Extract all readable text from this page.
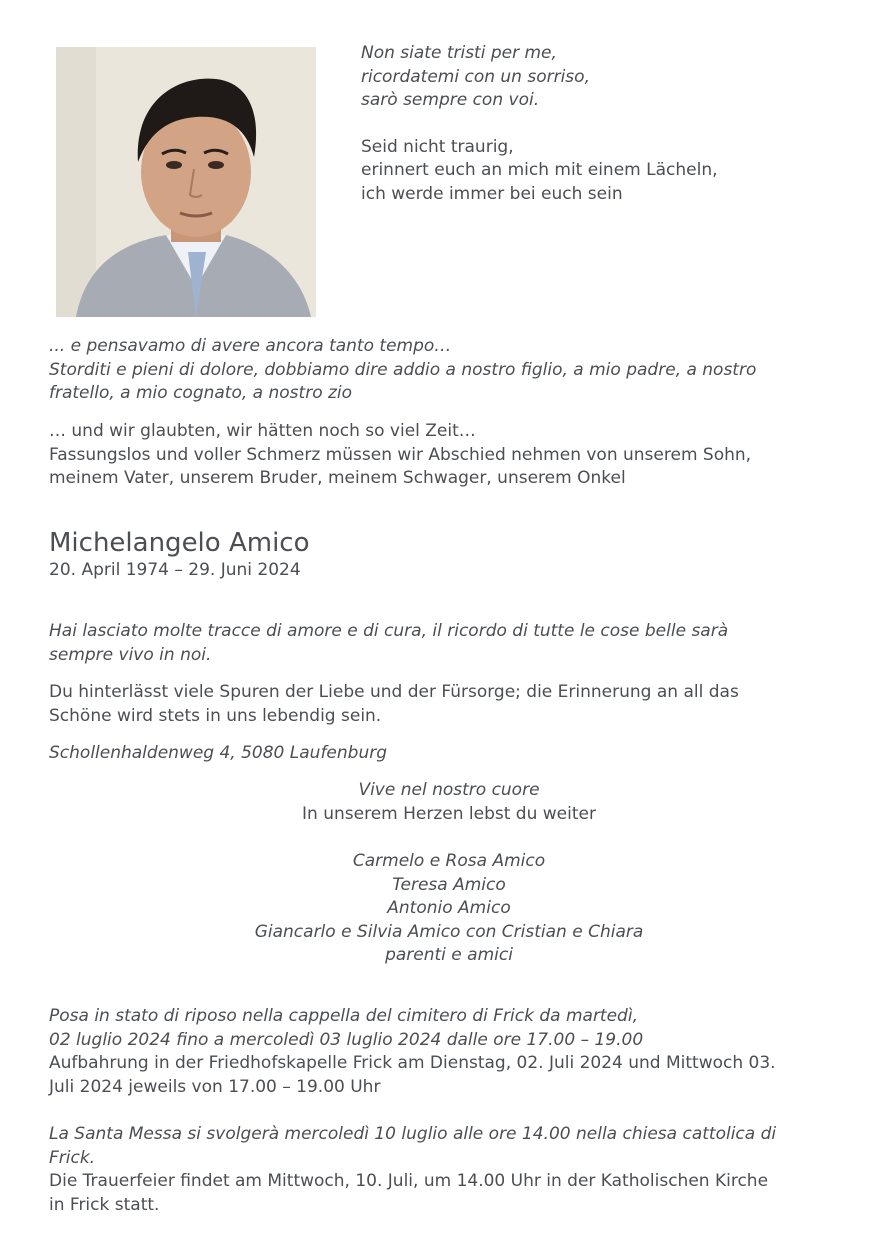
Non siate tristi per me,

ricordatemi con un sorriso,

sarò sempre con voi.

Seid nicht traurig,

erinnert euch an mich mit einem Lächeln,

ich werde immer bei euch sein

... e pensavamo di avere ancora tanto tempo…

Storditi e pieni di dolore, dobbiamo dire addio a nostro figlio, a mio padre, a nostro

fratello, a mio cognato, a nostro zio

… und wir glaubten, wir hätten noch so viel Zeit…

Fassungslos und voller Schmerz müssen wir Abschied nehmen von unserem Sohn,

meinem Vater, unserem Bruder, meinem Schwager, unserem Onkel

Michelangelo Amico

20. April 1974 – 29. Juni 2024

Hai lasciato molte tracce di amore e di cura, il ricordo di tutte le cose belle sarà

sempre vivo in noi.

Du hinterlässt viele Spuren der Liebe und der Fürsorge; die Erinnerung an all das

Schöne wird stets in uns lebendig sein.

Schollenhaldenweg 4, 5080 Laufenburg

Vive nel nostro cuore

In unserem Herzen lebst du weiter

Carmelo e Rosa Amico

Teresa Amico

Antonio Amico

Giancarlo e Silvia Amico con Cristian e Chiara

parenti e amici

Posa in stato di riposo nella cappella del cimitero di Frick da martedì,

02 luglio 2024 fino a mercoledì 03 luglio 2024 dalle ore 17.00 – 19.00

Aufbahrung in der Friedhofskapelle Frick am Dienstag, 02. Juli 2024 und Mittwoch 03.

Juli 2024 jeweils von 17.00 – 19.00 Uhr

La Santa Messa si svolgerà mercoledì 10 luglio alle ore 14.00 nella chiesa cattolica di

Frick.

Die Trauerfeier findet am Mittwoch, 10. Juli, um 14.00 Uhr in der Katholischen Kirche

in Frick statt.
